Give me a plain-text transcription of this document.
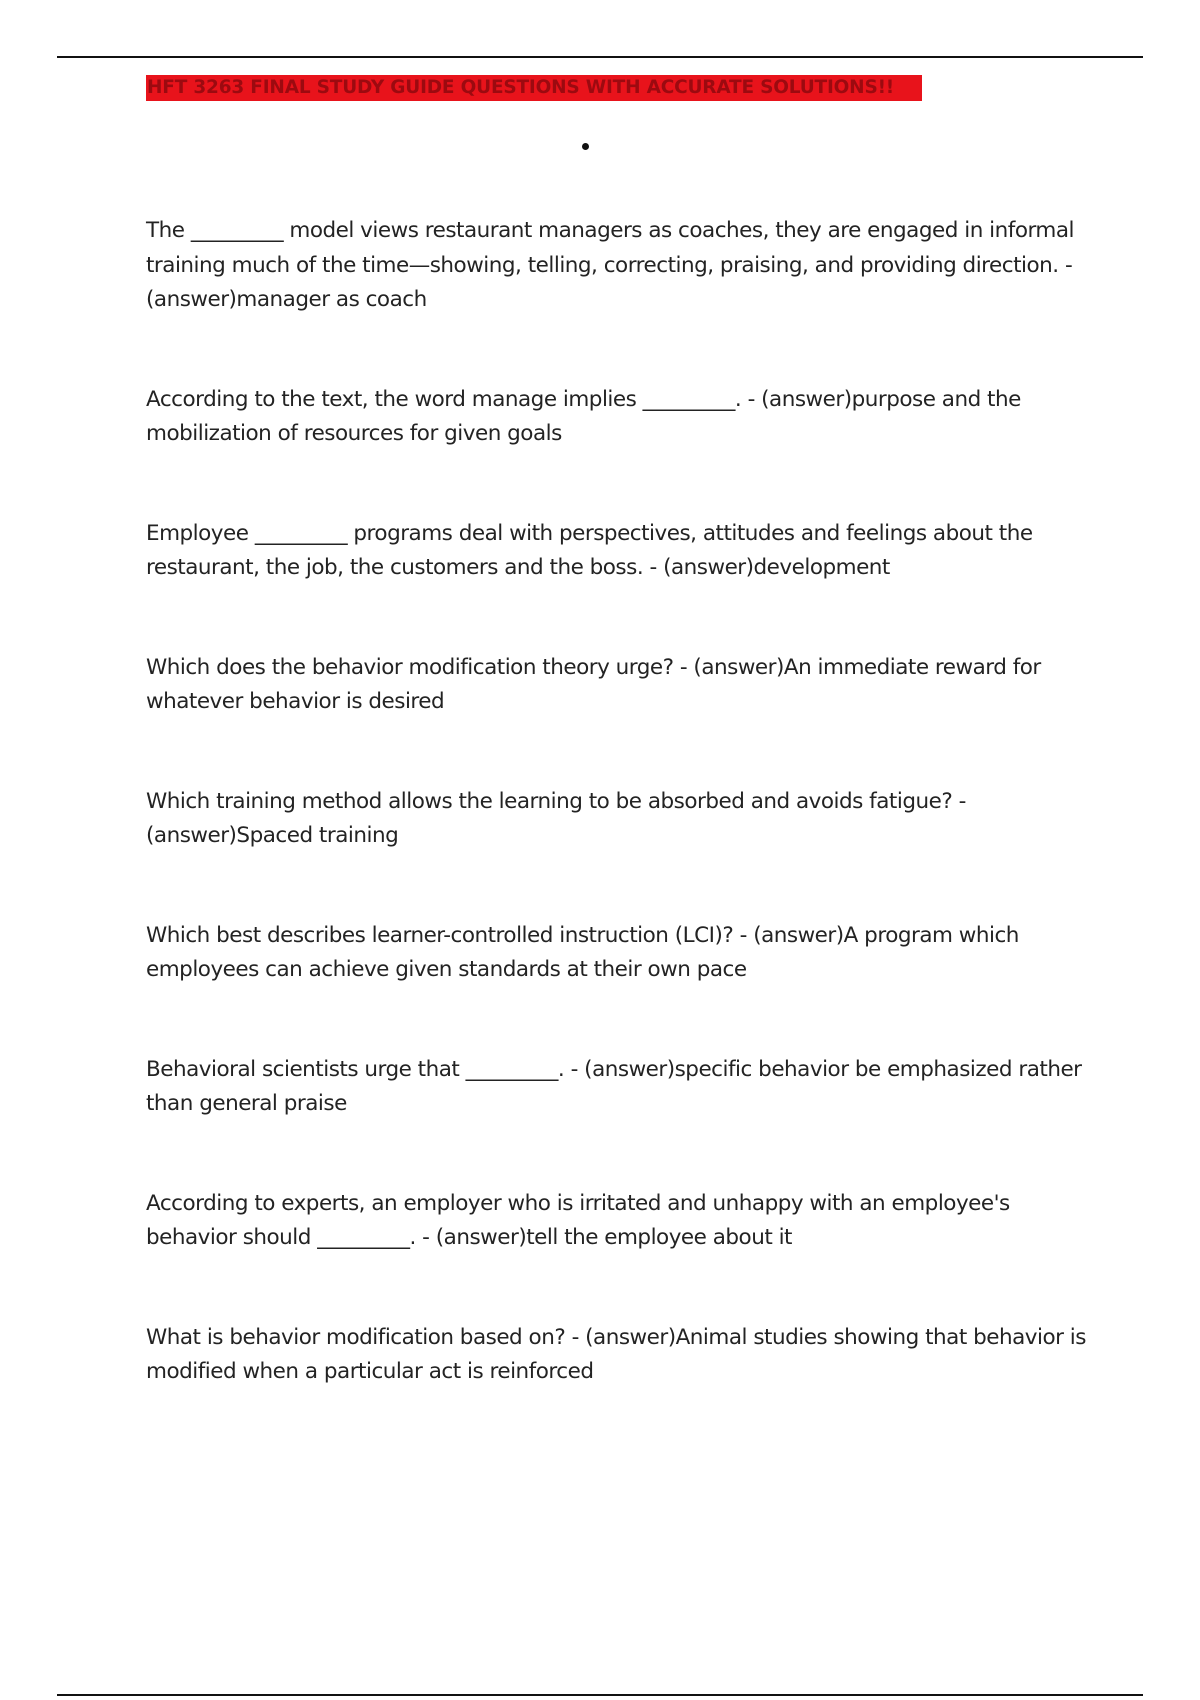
HFT 3263 FINAL STUDY GUIDE QUESTIONS WITH ACCURATE SOLUTIONS!!
The _________ model views restaurant managers as coaches, they are engaged in informal training much of the time—showing, telling, correcting, praising, and providing direction. - (answer)manager as coach
According to the text, the word manage implies _________. - (answer)purpose and the mobilization of resources for given goals
Employee _________ programs deal with perspectives, attitudes and feelings about the restaurant, the job, the customers and the boss. - (answer)development
Which does the behavior modification theory urge? - (answer)An immediate reward for whatever behavior is desired
Which training method allows the learning to be absorbed and avoids fatigue? - (answer)Spaced training
Which best describes learner-controlled instruction (LCI)? - (answer)A program which employees can achieve given standards at their own pace
Behavioral scientists urge that _________. - (answer)specific behavior be emphasized rather than general praise
According to experts, an employer who is irritated and unhappy with an employee's behavior should _________. - (answer)tell the employee about it
What is behavior modification based on? - (answer)Animal studies showing that behavior is modified when a particular act is reinforced
